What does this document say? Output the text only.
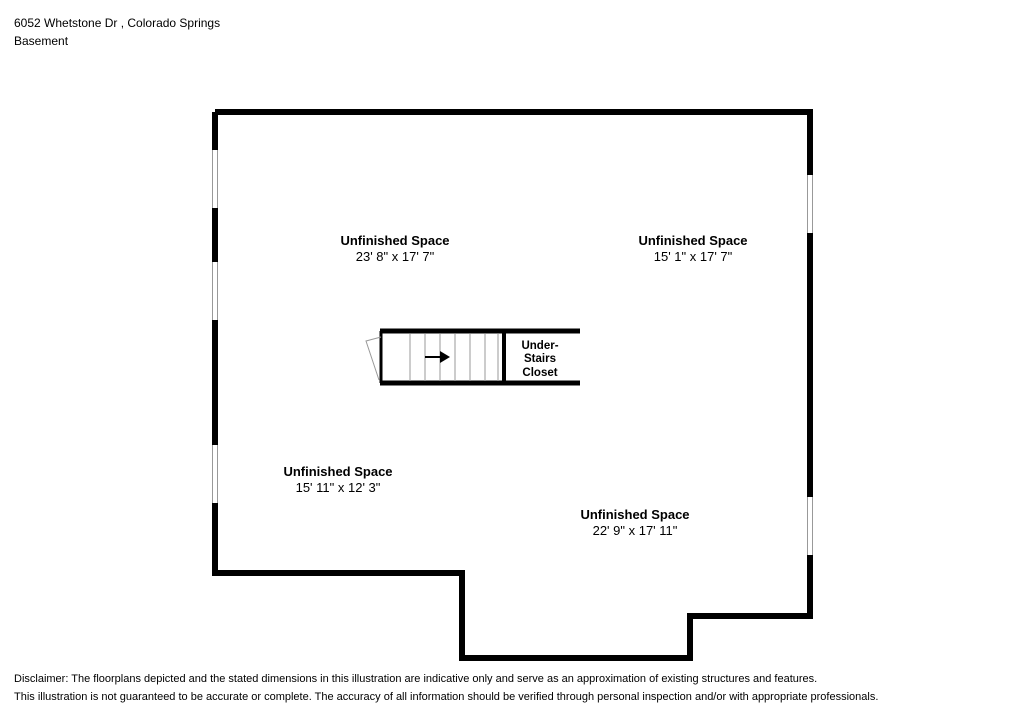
6052 Whetstone Dr , Colorado Springs
Basement
Unfinished Space
23' 8" x 17' 7"
Unfinished Space
15' 1" x 17' 7"
Unfinished Space
15' 11" x 12' 3"
Unfinished Space
22' 9" x 17' 11"
Under-
Stairs
Closet
Disclaimer: The floorplans depicted and the stated dimensions in this illustration are indicative only and serve as an approximation of existing structures and features.
This illustration is not guaranteed to be accurate or complete. The accuracy of all information should be verified through personal inspection and/or with appropriate professionals.
